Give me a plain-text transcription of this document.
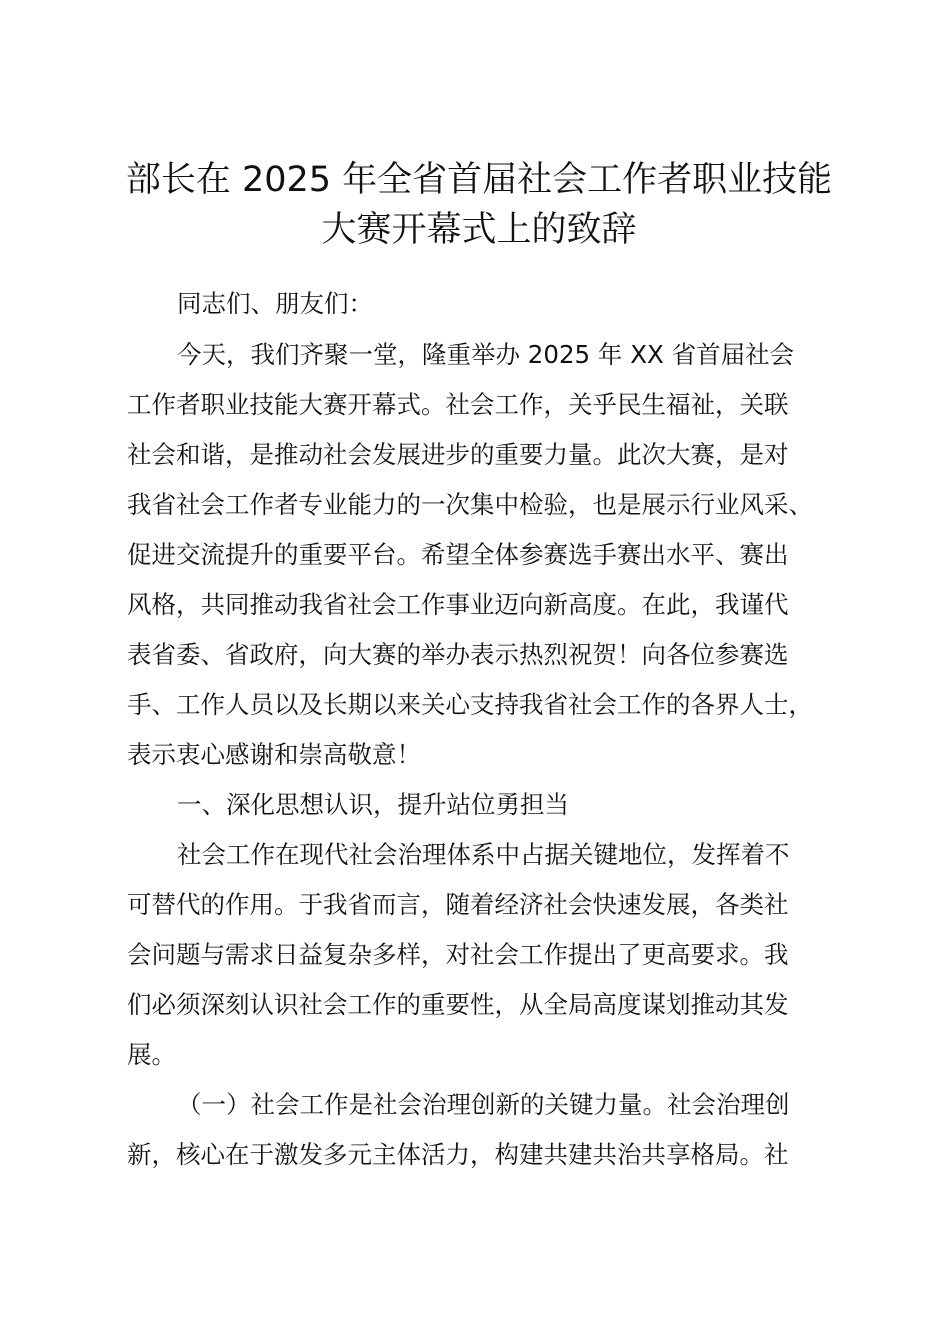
部长在 2025 年全省首届社会工作者职业技能
大赛开幕式上的致辞
同志们、朋友们：
今天，我们齐聚一堂，隆重举办 2025 年 XX 省首届社会
工作者职业技能大赛开幕式。社会工作，关乎民生福祉，关联
社会和谐，是推动社会发展进步的重要力量。此次大赛，是对
我省社会工作者专业能力的一次集中检验，也是展示行业风采、
促进交流提升的重要平台。希望全体参赛选手赛出水平、赛出
风格，共同推动我省社会工作事业迈向新高度。在此，我谨代
表省委、省政府，向大赛的举办表示热烈祝贺！向各位参赛选
手、工作人员以及长期以来关心支持我省社会工作的各界人士，
表示衷心感谢和崇高敬意！
一、深化思想认识，提升站位勇担当
社会工作在现代社会治理体系中占据关键地位，发挥着不
可替代的作用。于我省而言，随着经济社会快速发展，各类社
会问题与需求日益复杂多样，对社会工作提出了更高要求。我
们必须深刻认识社会工作的重要性，从全局高度谋划推动其发
展。
（一）社会工作是社会治理创新的关键力量。社会治理创
新，核心在于激发多元主体活力，构建共建共治共享格局。社
